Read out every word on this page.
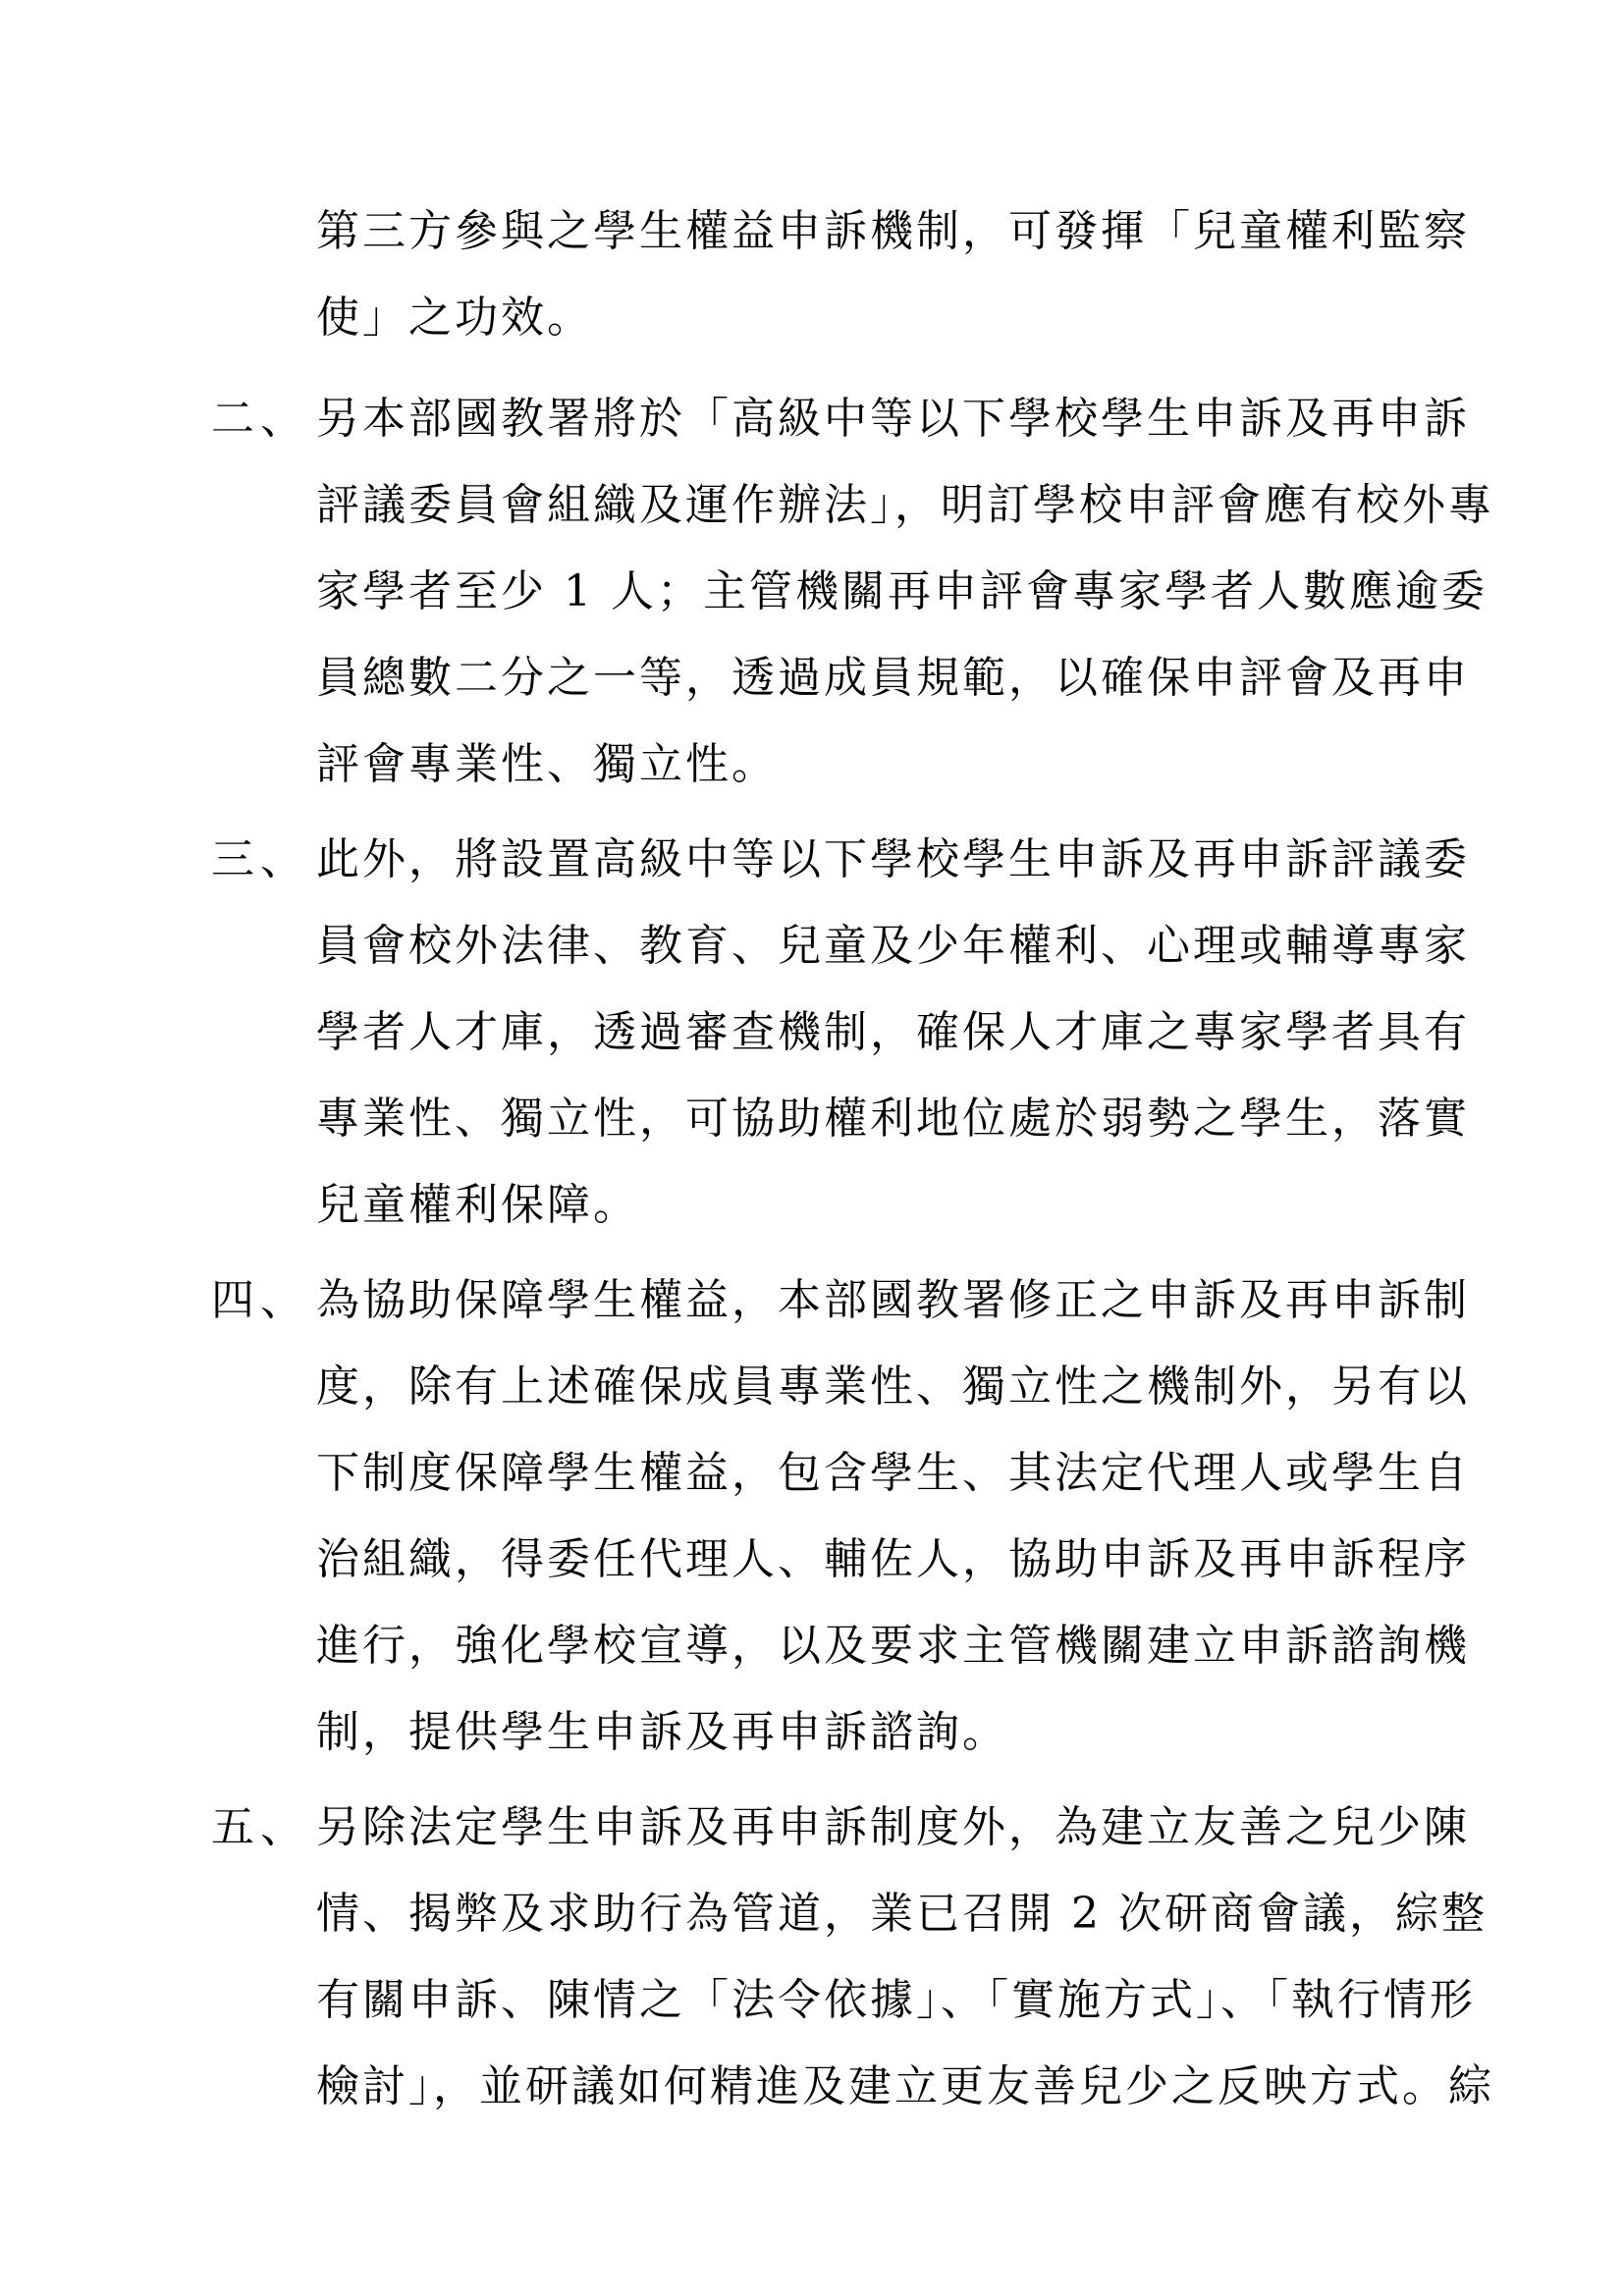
第三方參與之學生權益申訴機制，可發揮「兒童權利監察
使」之功效。
二、 另本部國教署將於「高級中等以下學校學生申訴及再申訴
評議委員會組織及運作辦法」，明訂學校申評會應有校外專
家學者至少 1 人；主管機關再申評會專家學者人數應逾委
員總數二分之一等，透過成員規範，以確保申評會及再申
評會專業性、獨立性。
三、 此外，將設置高級中等以下學校學生申訴及再申訴評議委
員會校外法律、教育、兒童及少年權利、心理或輔導專家
學者人才庫，透過審查機制，確保人才庫之專家學者具有
專業性、獨立性，可協助權利地位處於弱勢之學生，落實
兒童權利保障。
四、 為協助保障學生權益，本部國教署修正之申訴及再申訴制
度，除有上述確保成員專業性、獨立性之機制外，另有以
下制度保障學生權益，包含學生、其法定代理人或學生自
治組織，得委任代理人、輔佐人，協助申訴及再申訴程序
進行，強化學校宣導，以及要求主管機關建立申訴諮詢機
制，提供學生申訴及再申訴諮詢。
五、 另除法定學生申訴及再申訴制度外，為建立友善之兒少陳
情、揭弊及求助行為管道，業已召開 2 次研商會議，綜整
有關申訴、陳情之「法令依據」、「實施方式」、「執行情形
檢討」，並研議如何精進及建立更友善兒少之反映方式。綜
